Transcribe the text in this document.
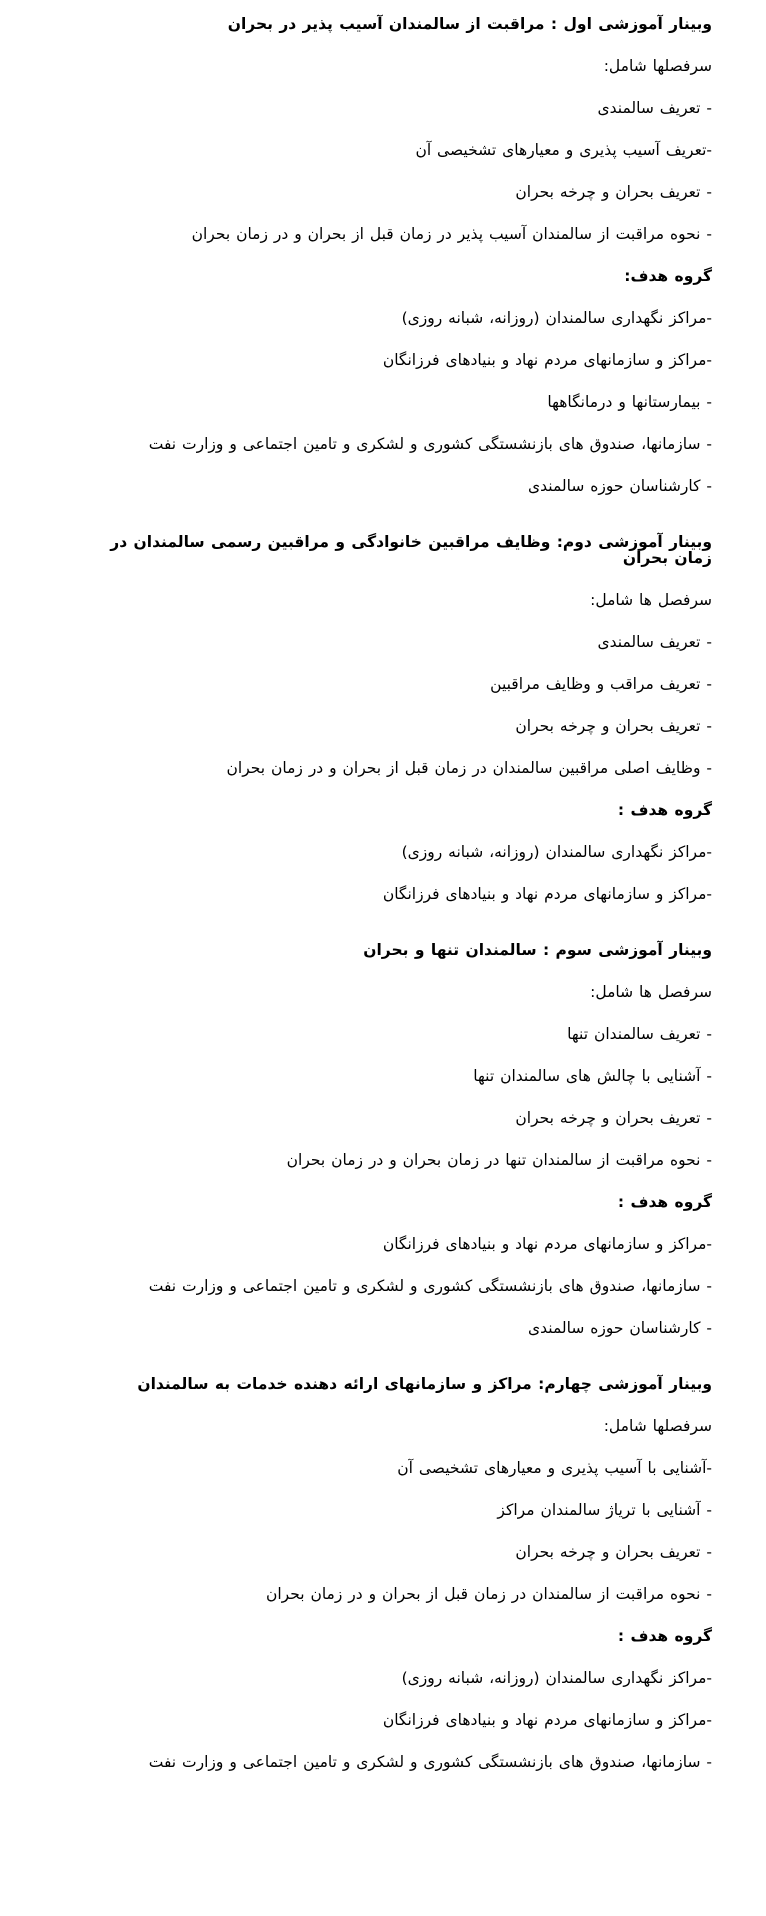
وبینار آموزشی اول : مراقبت از سالمندان آسیب پذیر در بحران

سرفصلها شامل:

- تعریف سالمندی

-تعریف آسیب پذیری و معیارهای تشخیصی آن

- تعریف بحران و چرخه بحران

- نحوه مراقبت از سالمندان آسیب پذیر در زمان قبل از بحران و در زمان بحران

گروه هدف:

-مراکز نگهداری سالمندان (روزانه، شبانه روزی)

-مراکز و سازمانهای مردم نهاد و بنیادهای فرزانگان

- بیمارستانها و درمانگاهها

- سازمانها، صندوق های بازنشستگی کشوری و لشکری و تامین اجتماعی و وزارت نفت

- کارشناسان حوزه سالمندی

وبینار آموزشی دوم: وظایف مراقبین خانوادگی و مراقبین رسمی سالمندان در زمان بحران

سرفصل ها شامل:

- تعریف سالمندی

- تعریف مراقب و وظایف مراقبین

- تعریف بحران و چرخه بحران

- وظایف اصلی مراقبین سالمندان در زمان قبل از بحران و در زمان بحران

گروه هدف :

-مراکز نگهداری سالمندان (روزانه، شبانه روزی)

-مراکز و سازمانهای مردم نهاد و بنیادهای فرزانگان

وبینار آموزشی سوم : سالمندان تنها و بحران

سرفصل ها شامل:

- تعریف سالمندان تنها

- آشنایی با چالش های سالمندان تنها

- تعریف بحران و چرخه بحران

- نحوه مراقبت از سالمندان تنها در زمان بحران و در زمان بحران

گروه هدف :

-مراکز و سازمانهای مردم نهاد و بنیادهای فرزانگان

- سازمانها، صندوق های بازنشستگی کشوری و لشکری و تامین اجتماعی و وزارت نفت

- کارشناسان حوزه سالمندی

وبینار آموزشی چهارم: مراکز و سازمانهای ارائه دهنده خدمات به سالمندان

سرفصلها شامل:

-آشنایی با آسیب پذیری و معیارهای تشخیصی آن

- آشنایی با تریاژ سالمندان مراکز

- تعریف بحران و چرخه بحران

- نحوه مراقبت از سالمندان در زمان قبل از بحران و در زمان بحران

گروه هدف :

-مراکز نگهداری سالمندان (روزانه، شبانه روزی)

-مراکز و سازمانهای مردم نهاد و بنیادهای فرزانگان

- سازمانها، صندوق های بازنشستگی کشوری و لشکری و تامین اجتماعی و وزارت نفت
